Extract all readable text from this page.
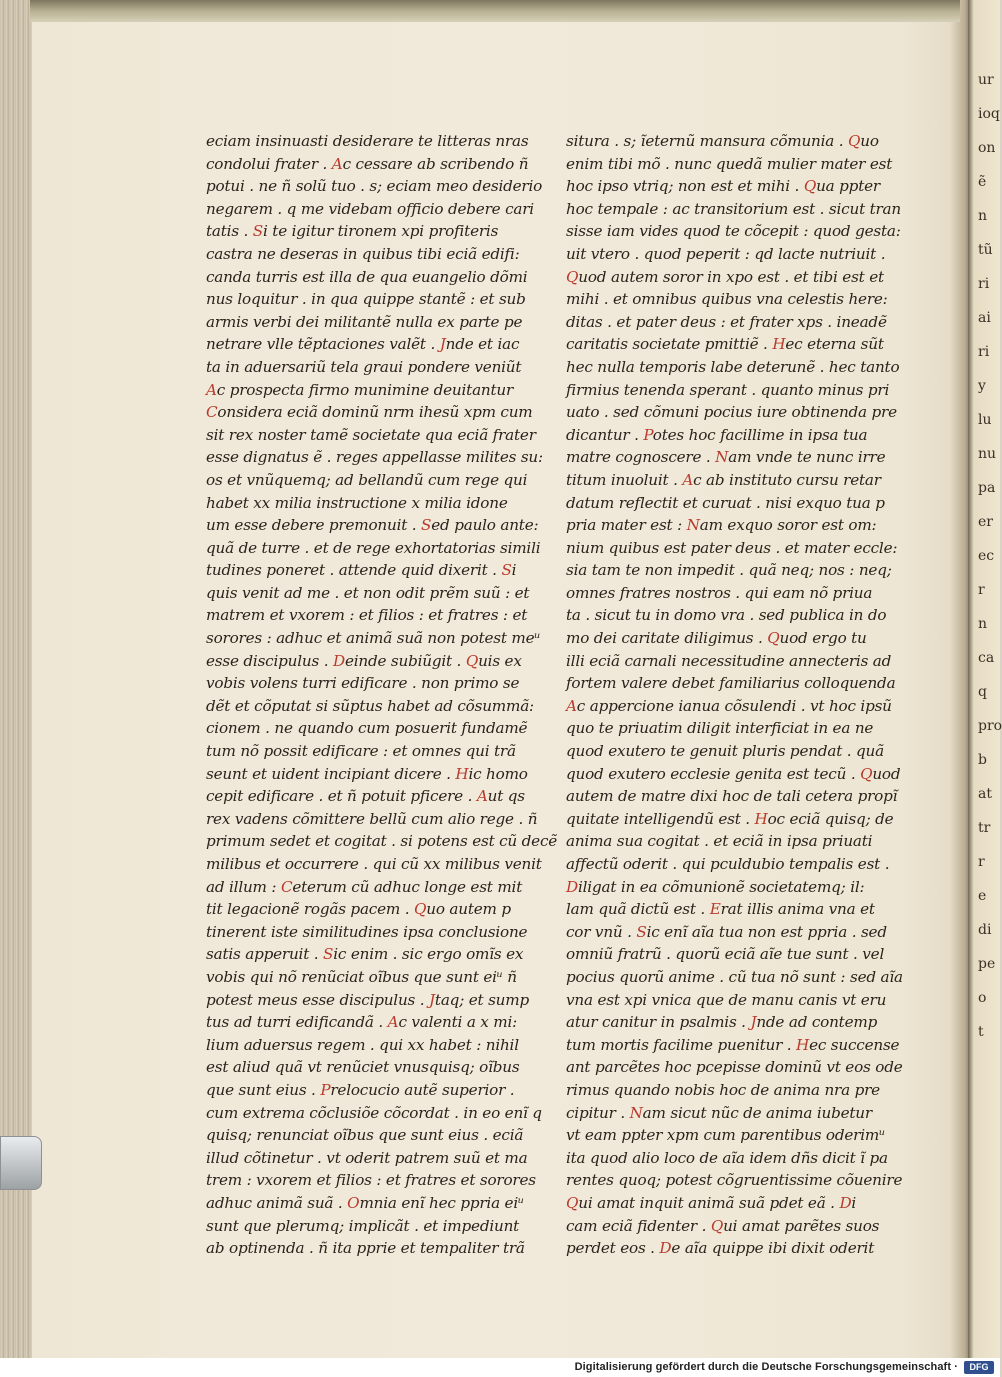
eciam insinuasti desiderare te litteras nras
condolui frater . Ac cessare ab scribendo ñ
potui . ne ñ solũ tuo . s; eciam meo desiderio
negarem . q me videbam officio debere cari
tatis . Si te igitur tironem xpi profiteris
castra ne deseras in quibus tibi eciã edifi:
canda turris est illa de qua euangelio dõmi
nus loquitur . in qua quippe stantẽ : et sub
armis verbi dei militantẽ nulla ex parte pe
netrare vlle tẽptaciones valẽt . Jnde et iac
ta in aduersariũ tela graui pondere veniũt
Ac prospecta firmo munimine deuitantur
Considera eciã dominũ nrm ihesũ xpm cum
sit rex noster tamẽ societate qua eciã frater
esse dignatus ẽ . reges appellasse milites su:
os et vnũquemq; ad bellandũ cum rege qui
habet xx milia instructione x milia idone
um esse debere premonuit . Sed paulo ante:
quã de turre . et de rege exhortatorias simili
tudines poneret . attende quid dixerit . Si
quis venit ad me . et non odit prẽm suũ : et
matrem et vxorem : et filios : et fratres : et
sorores : adhuc et animã suã non potest meᵘ
esse discipulus . Deinde subiũgit . Quis ex
vobis volens turri edificare . non primo se
dẽt et cõputat si sũptus habet ad cõsummã:
cionem . ne quando cum posuerit fundamẽ
tum nõ possit edificare : et omnes qui trã
seunt et uident incipiant dicere . Hic homo
cepit edificare . et ñ potuit pficere . Aut qs
rex vadens cõmittere bellũ cum alio rege . ñ
primum sedet et cogitat . si potens est cũ decẽ
milibus et occurrere . qui cũ xx milibus venit
ad illum : Ceterum cũ adhuc longe est mit
tit legacionẽ rogãs pacem . Quo autem p
tinerent iste similitudines ipsa conclusione
satis apperuit . Sic enim . sic ergo omĩs ex
vobis qui nõ renũciat oĩbus que sunt eiᵘ ñ
potest meus esse discipulus . Jtaq; et sump
tus ad turri edificandã . Ac valenti a x mi:
lium aduersus regem . qui xx habet : nihil
est aliud quã vt renũciet vnusquisq; oĩbus
que sunt eius . Prelocucio autẽ superior .
cum extrema cõclusiõe cõcordat . in eo enĩ q
quisq; renunciat oĩbus que sunt eius . eciã
illud cõtinetur . vt oderit patrem suũ et ma
trem : vxorem et filios : et fratres et sorores
adhuc animã suã . Omnia enĩ hec ppria eiᵘ
sunt que plerumq; implicãt . et impediunt
ab optinenda . ñ ita pprie et tempaliter trã
situra . s; ĩeternũ mansura cõmunia . Quo
enim tibi mõ . nunc quedã mulier mater est
hoc ipso vtriq; non est et mihi . Qua ppter
hoc tempale : ac transitorium est . sicut tran
sisse iam vides quod te cõcepit : quod gesta:
uit vtero . quod peperit : qd lacte nutriuit .
Quod autem soror in xpo est . et tibi est et
mihi . et omnibus quibus vna celestis here:
ditas . et pater deus : et frater xps . ineadẽ
caritatis societate pmittiẽ . Hec eterna sũt
hec nulla temporis labe deterunẽ . hec tanto
firmius tenenda sperant . quanto minus pri
uato . sed cõmuni pocius iure obtinenda pre
dicantur . Potes hoc facillime in ipsa tua
matre cognoscere . Nam vnde te nunc irre
titum inuoluit . Ac ab instituto cursu retar
datum reflectit et curuat . nisi exquo tua p
pria mater est : Nam exquo soror est om:
nium quibus est pater deus . et mater eccle:
sia tam te non impedit . quã neq; nos : neq;
omnes fratres nostros . qui eam nõ priua
ta . sicut tu in domo vra . sed publica in do
mo dei caritate diligimus . Quod ergo tu
illi eciã carnali necessitudine annecteris ad
fortem valere debet familiarius colloquenda
Ac appercione ianua cõsulendi . vt hoc ipsũ
quo te priuatim diligit interficiat in ea ne
quod exutero te genuit pluris pendat . quã
quod exutero ecclesie genita est tecũ . Quod
autem de matre dixi hoc de tali cetera propĩ
quitate intelligendũ est . Hoc eciã quisq; de
anima sua cogitat . et eciã in ipsa priuati
affectũ oderit . qui pculdubio tempalis est .
Diligat in ea cõmunionẽ societatemq; il:
lam quã dictũ est . Erat illis anima vna et
cor vnũ . Sic enĩ aĩa tua non est ppria . sed
omniũ fratrũ . quorũ eciã aĩe tue sunt . vel
pocius quorũ anime . cũ tua nõ sunt : sed aĩa
vna est xpi vnica que de manu canis vt eru
atur canitur in psalmis . Jnde ad contemp
tum mortis facilime puenitur . Hec succense
ant parcẽtes hoc pcepisse dominũ vt eos ode
rimus quando nobis hoc de anima nra pre
cipitur . Nam sicut nũc de anima iubetur
vt eam ppter xpm cum parentibus oderimᵘ
ita quod alio loco de aĩa idem dñs dicit ĩ pa
rentes quoq; potest cõgruentissime cõuenire
Qui amat inquit animã suã pdet eã . Di
cam eciã fidenter . Qui amat parẽtes suos
perdet eos . De aĩa quippe ibi dixit oderit
ur
ioq
on
ẽ
n
tũ
ri
ai
ri
y
lu
nu
pa
er
ec
r
n
ca
q
pro
b
at
tr
r
e
di
pe
o
t
Digitalisierung gefördert durch die Deutsche Forschungsgemeinschaft ·	DFG
